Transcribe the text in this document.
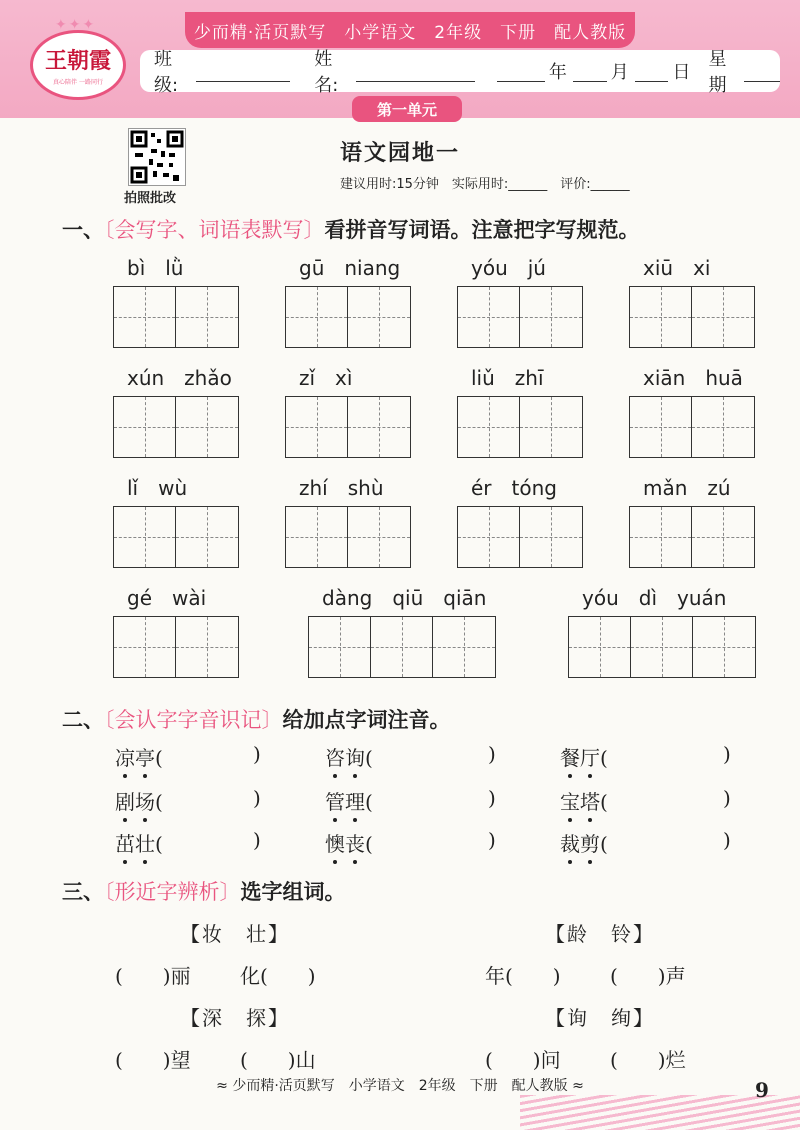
少而精·活页默写　小学语文　2年级　下册　配人教版
✦✦✦
王朝霞
真心陪伴 一路同行
班级:
姓名:
年 月 日
星期
第一单元
拍照批改
语文园地一
建议用时:15分钟　实际用时:______　评价:______
一、〔会写字、词语表默写〕看拼音写词语。注意把字写规范。
bì　lǜ	gū　niang	yóu　jú	xiū　xi
xún　zhǎo	zǐ　xì	liǔ　zhī	xiān　huā
lǐ　wù	zhí　shù	ér　tóng	mǎn　zú
gé　wài	dàng　qiū　qiān	yóu　dì　yuán
二、〔会认字字音识记〕给加点字词注音。
凉亭(	)	咨询(	)	餐厅(	)
剧场(	)	管理(	)	宝塔(	)
茁壮(	)	懊丧(	)	裁剪(	)
三、〔形近字辨析〕选字组词。
【妆　壮】	【龄　铃】
【深　探】	【询　绚】
(　　)丽 化(　　)	年(　　) (　　)声
(　　)望 (　　)山	(　　)问 (　　)烂
≈ 少而精·活页默写　小学语文　2年级　下册　配人教版 ≈	9
